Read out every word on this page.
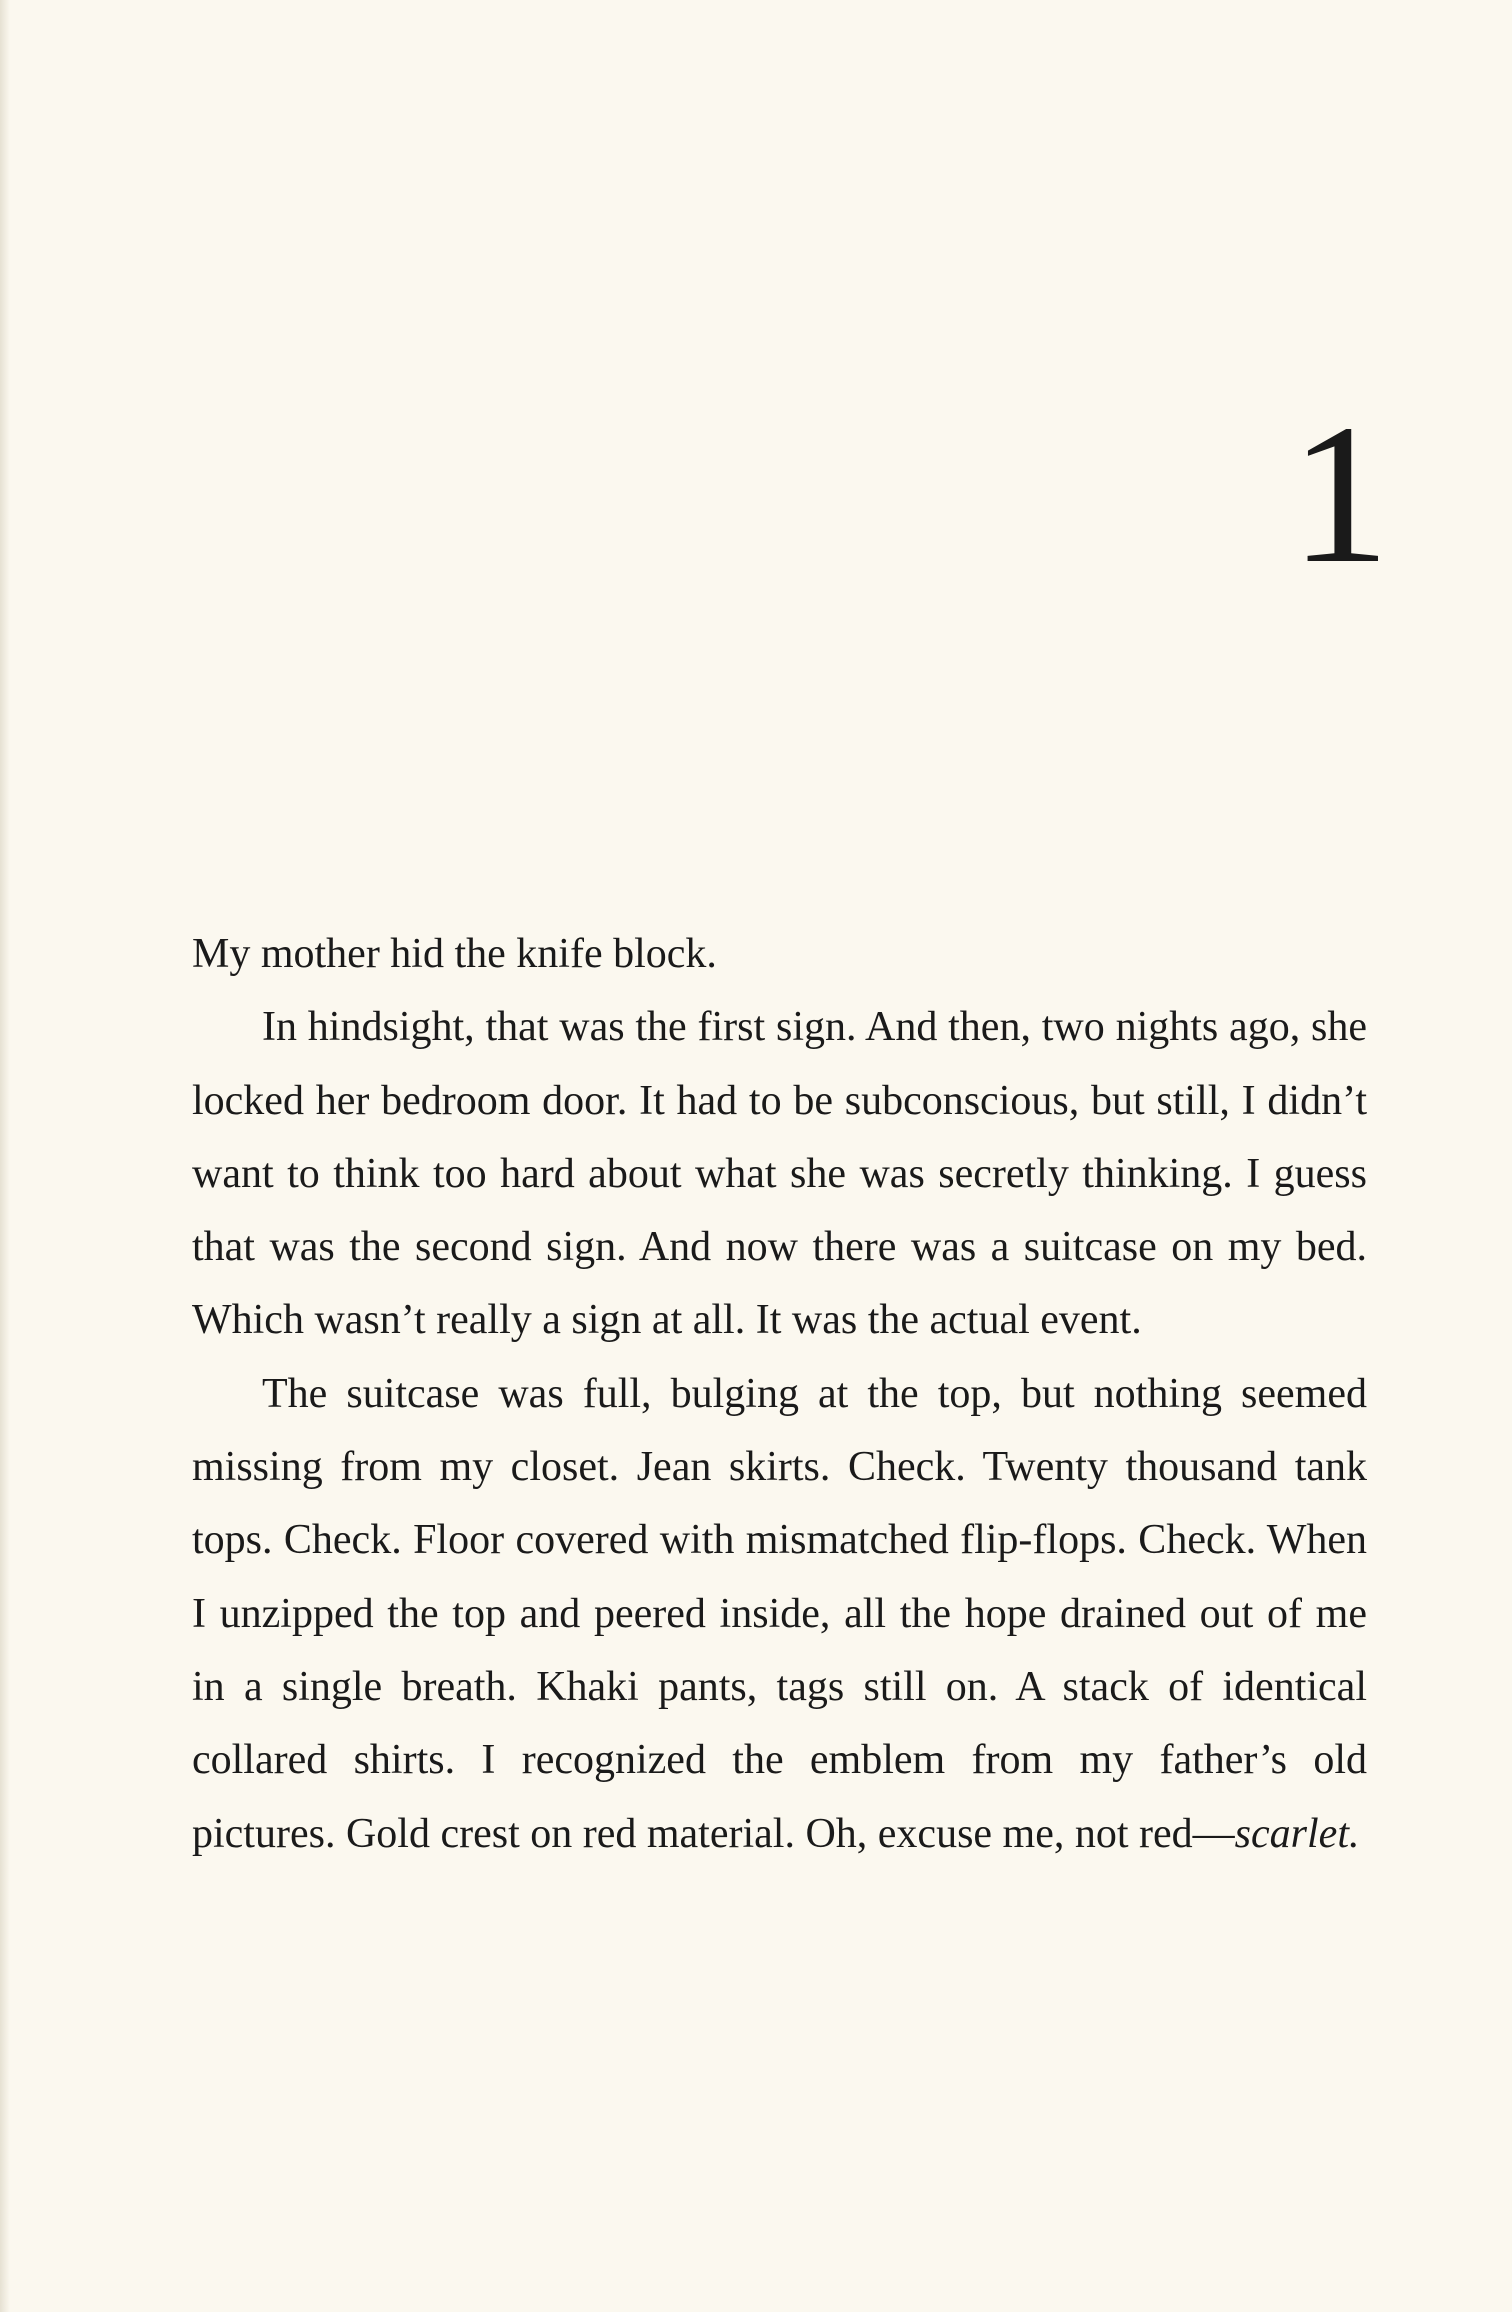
1

My mother hid the knife block.

In hindsight, that was the first sign. And then, two nights ago, she locked her bedroom door. It had to be subconscious, but still, I didn’t want to think too hard about what she was secretly thinking. I guess that was the second sign. And now there was a suitcase on my bed. Which wasn’t really a sign at all. It was the actual event.

The suitcase was full, bulging at the top, but nothing seemed missing from my closet. Jean skirts. Check. Twenty thousand tank tops. Check. Floor covered with mismatched flip-flops. Check. When I unzipped the top and peered inside, all the hope drained out of me in a single breath. Khaki pants, tags still on. A stack of identical collared shirts. I recognized the emblem from my father’s old pictures. Gold crest on red material. Oh, excuse me, not red—scarlet.
